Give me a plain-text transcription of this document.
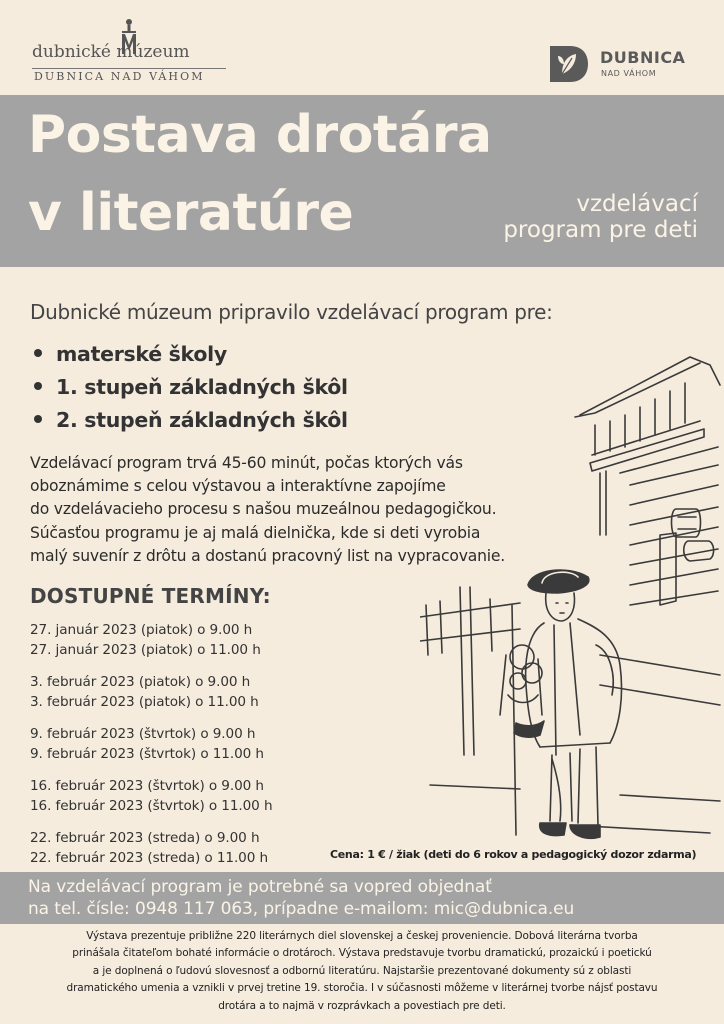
dubnické múzeum
DUBNICA NAD VÁHOM
DUBNICA
NAD VÁHOM
Postava drotára
v literatúre	vzdelávací
program pre deti
Dubnické múzeum pripravilo vzdelávací program pre:
materské školy
1. stupeň základných škôl
2. stupeň základných škôl
Vzdelávací program trvá 45-60 minút, počas ktorých vás
oboznámime s celou výstavou a interaktívne zapojíme
do vzdelávacieho procesu s našou muzeálnou pedagogičkou.
Súčasťou programu je aj malá dielnička, kde si deti vyrobia
malý suvenír z drôtu a dostanú pracovný list na vypracovanie.
DOSTUPNÉ TERMÍNY:
27. január 2023 (piatok) o 9.00 h
27. január 2023 (piatok) o 11.00 h
3. február 2023 (piatok) o 9.00 h
3. február 2023 (piatok) o 11.00 h
9. február 2023 (štvrtok) o 9.00 h
9. február 2023 (štvrtok) o 11.00 h
16. február 2023 (štvrtok) o 9.00 h
16. február 2023 (štvrtok) o 11.00 h
22. február 2023 (streda) o 9.00 h
22. február 2023 (streda) o 11.00 h	Cena: 1 € / žiak (deti do 6 rokov a pedagogický dozor zdarma)
Na vzdelávací program je potrebné sa vopred objednať
na tel. čísle: 0948 117 063, prípadne e-mailom: mic@dubnica.eu
Výstava prezentuje približne 220 literárnych diel slovenskej a českej proveniencie. Dobová literárna tvorba
prinášala čitateľom bohaté informácie o drotároch. Výstava predstavuje tvorbu dramatickú, prozaickú i poetickú
a je doplnená o ľudovú slovesnosť a odbornú literatúru. Najstaršie prezentované dokumenty sú z oblasti
dramatického umenia a vznikli v prvej tretine 19. storočia. I v súčasnosti môžeme v literárnej tvorbe nájsť postavu
drotára a to najmä v rozprávkach a povestiach pre deti.
